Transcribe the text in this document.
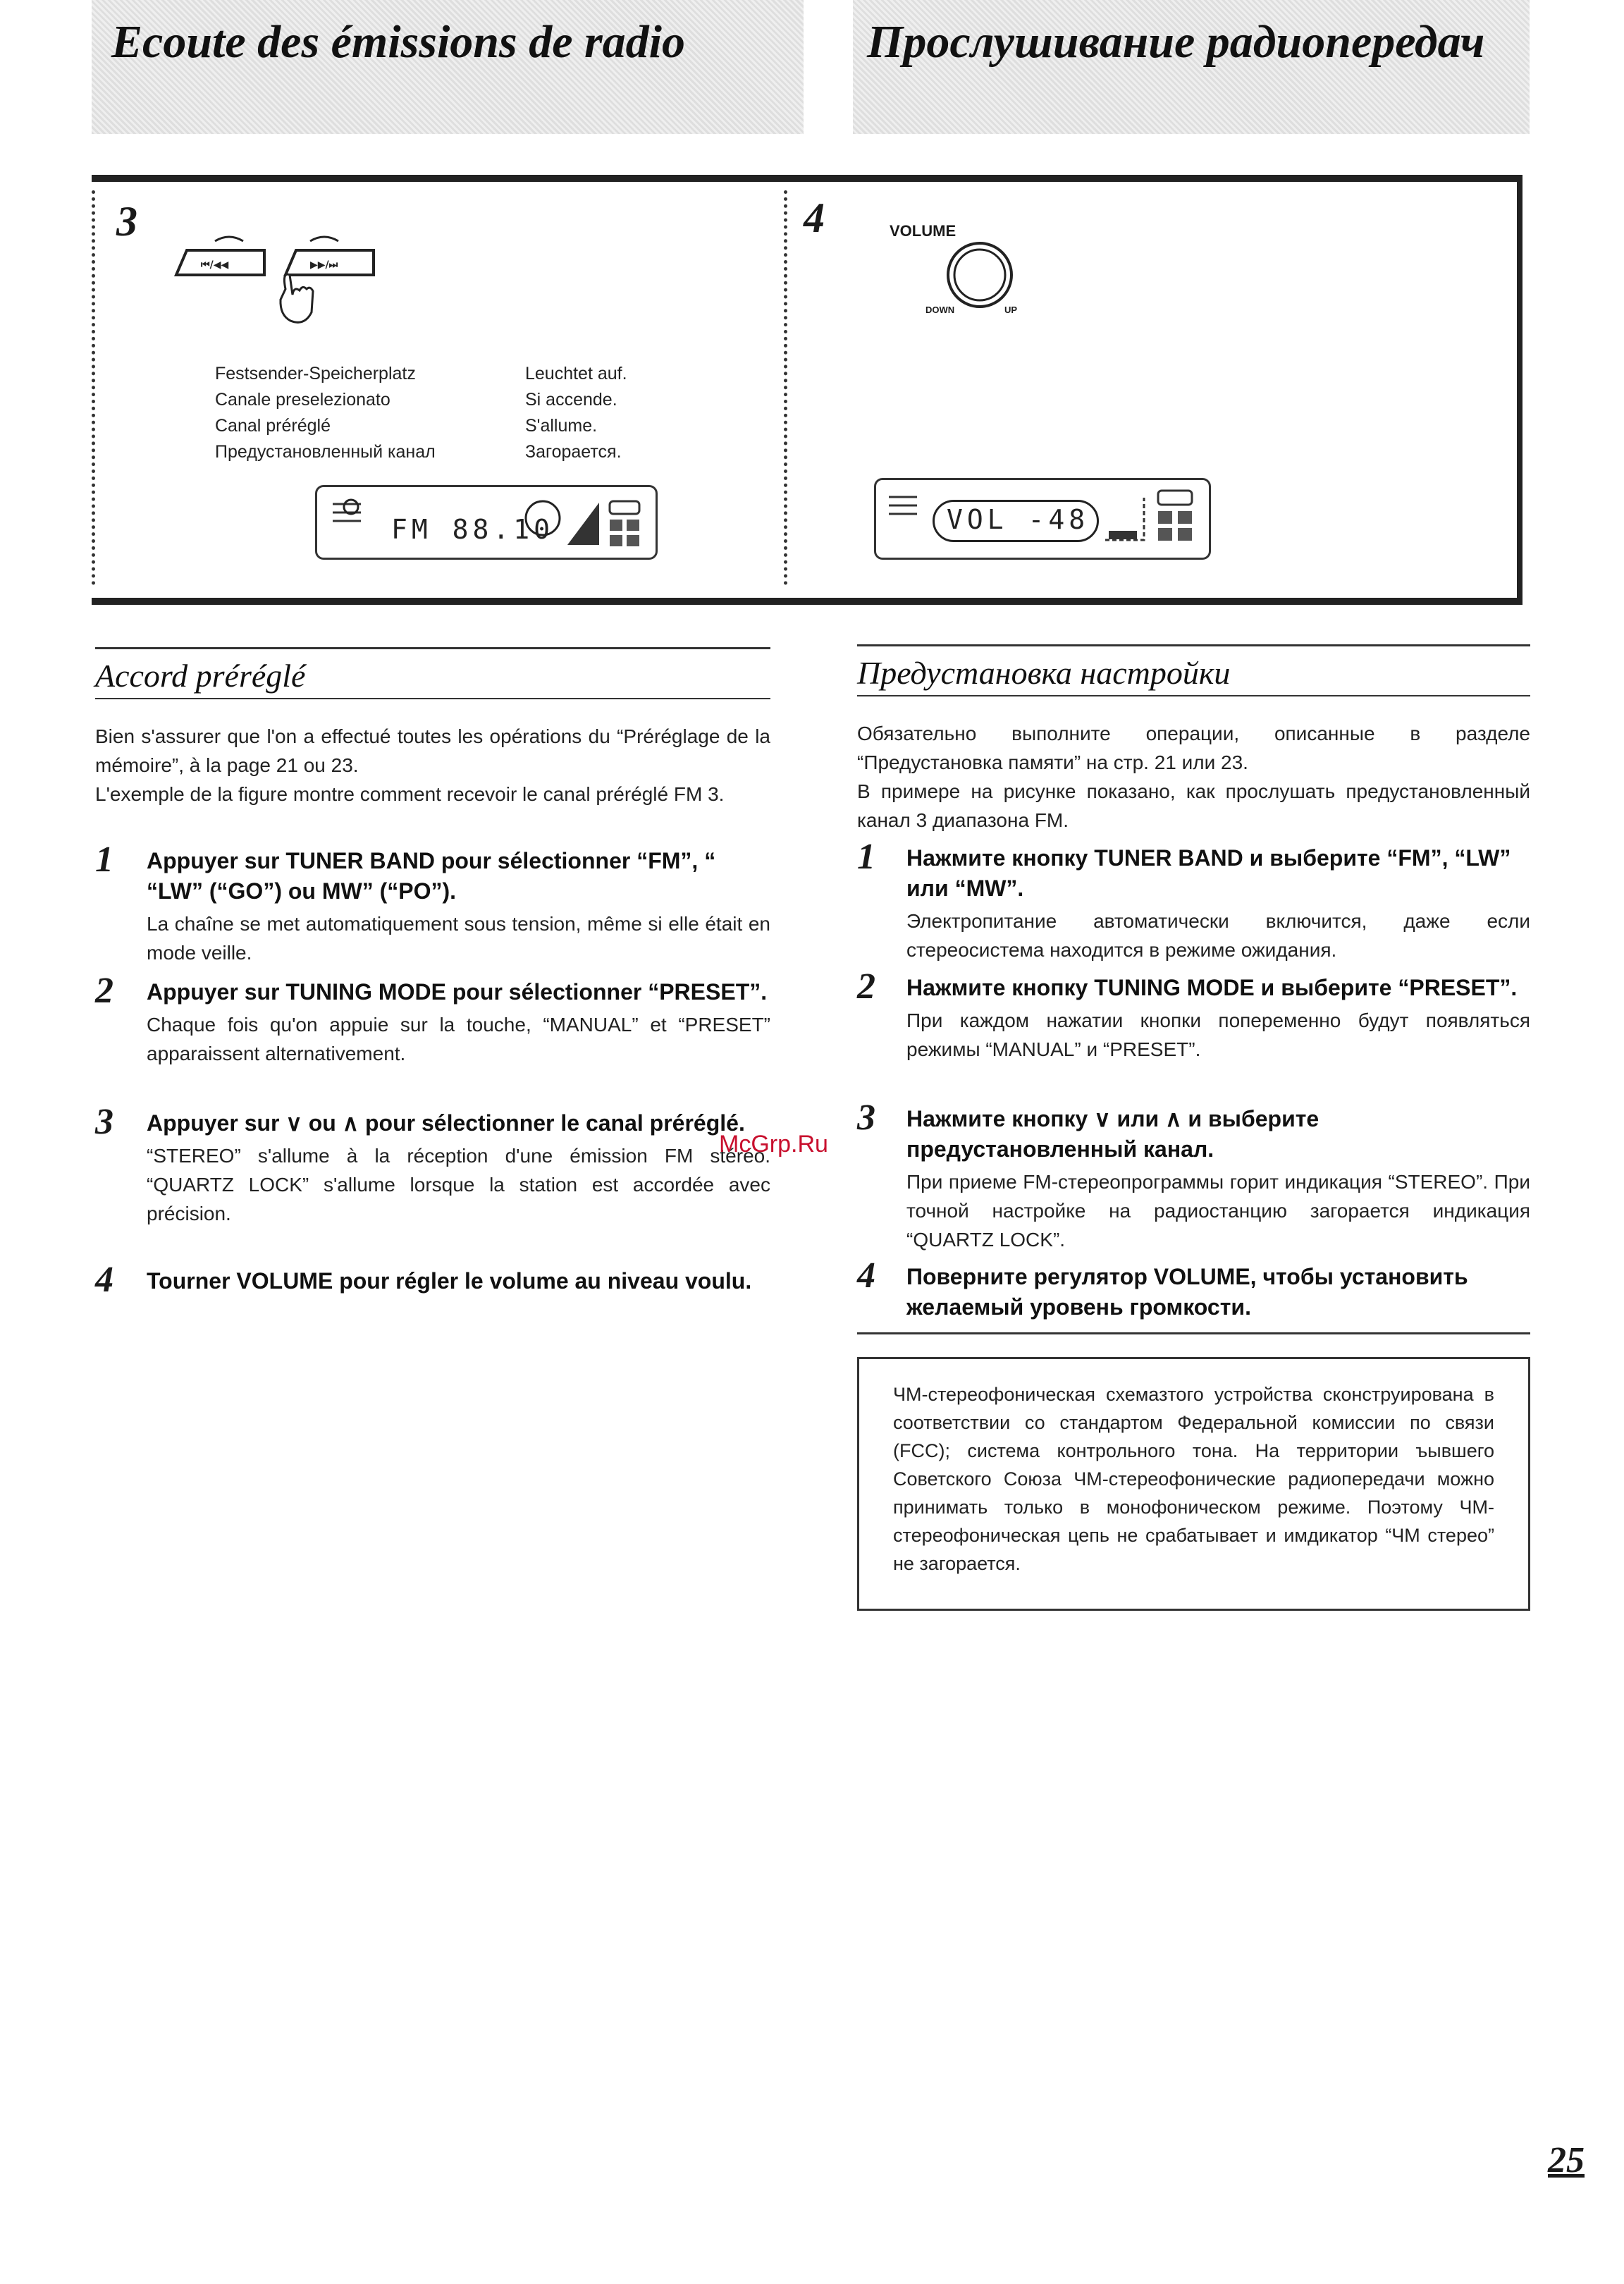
Ecoute des émissions de radio	Прослушивание радиопередач
3
⏮/◀◀	▶▶/⏭
Festsender-Speicherplatz
Canale preselezionato
Canal préréglé
Предустановленный канал
Leuchtet auf.
Si accende.
S'allume.
Загорается.
FM 88.10
4	VOLUME
DOWN	UP
VOL -48
Accord préréglé
Bien s'assurer que l'on a effectué toutes les opérations du “Préréglage de la mémoire”, à la page 21 ou 23.
L'exemple de la figure montre comment recevoir le canal préréglé FM 3.
1 Appuyer sur TUNER BAND pour sélectionner “FM”, “ “LW” (“GO”) ou MW” (“PO”).
La chaîne se met automatiquement sous tension, même si elle était en mode veille.
2 Appuyer sur TUNING MODE pour sélectionner “PRESET”.
Chaque fois qu'on appuie sur la touche, “MANUAL” et “PRESET” apparaissent alternativement.
3 Appuyer sur ∨ ou ∧ pour sélectionner le canal préréglé.
“STEREO” s'allume à la réception d'une émission FM stéréo. “QUARTZ LOCK” s'allume lorsque la station est accordée avec précision.
4 Tourner VOLUME pour régler le volume au niveau voulu.
McGrp.Ru
Предустановка настройки
Обязательно выполните операции, описанные в разделе “Предустановка памяти” на стр. 21 или 23.
В примере на рисунке показано, как прослушать предустановленный канал 3 диапазона FM.
1 Нажмите кнопку TUNER BAND и выберите “FM”, “LW” или “MW”.
Электропитание автоматически включится, даже если стереосистема находится в режиме ожидания.
2 Нажмите кнопку TUNING MODE и выберите “PRESET”.
При каждом нажатии кнопки попеременно будут появляться режимы “MANUAL” и “PRESET”.
3 Нажмите кнопку ∨ или ∧ и выберите предустановленный канал.
При приеме FM-стереопрограммы горит индикация “STEREO”. При точной настройке на радиостанцию загорается индикация “QUARTZ LOCK”.
4 Поверните регулятор VOLUME, чтобы установить желаемый уровень громкости.
ЧМ-стереофоническая схемазтого устройства сконструирована в соответствии со стандартом Федеральной комиссии по связи (FCC); система контрольного тона. На территории ъывшего Советского Союза ЧМ-стереофонические радиопередачи можно принимать только в монофоническом режиме. Поэтому ЧМ-стереофоническая цепь не срабатывает и имдикатор “ЧМ стерео” не загорается.
25
